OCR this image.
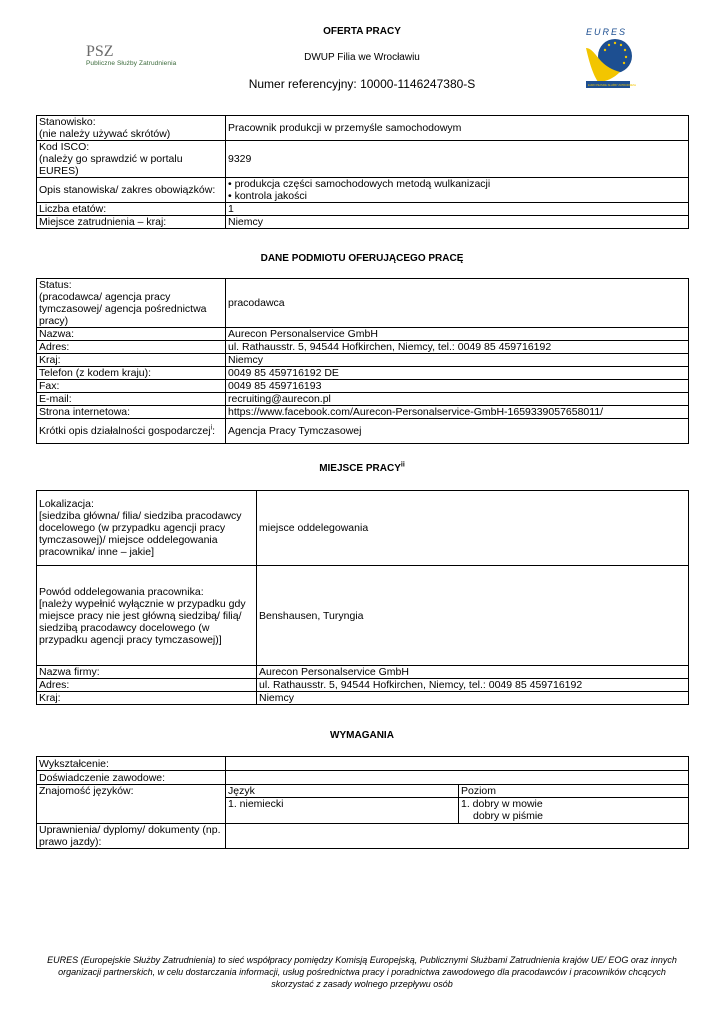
PSZ
Publiczne Służby Zatrudnienia
EURES
EURO PEJSKIE SŁUŻBY ZATRUDNIENIA
OFERTA PRACY
DWUP Filia we Wrocławiu
Numer referencyjny: 10000-1146247380-S
Stanowisko:
(nie należy używać skrótów)	Pracownik produkcji w przemyśle samochodowym
Kod ISCO:
(należy go sprawdzić w portalu EURES)	9329
Opis stanowiska/ zakres obowiązków:	• produkcja części samochodowych metodą wulkanizacji
• kontrola jakości

Liczba etatów:	1
Miejsce zatrudnienia – kraj:	Niemcy
DANE PODMIOTU OFERUJĄCEGO PRACĘ
Status:
(pracodawca/ agencja pracy tymczasowej/ agencja pośrednictwa pracy)	pracodawca
Nazwa:	Aurecon Personalservice GmbH
Adres:	ul. Rathausstr. 5, 94544 Hofkirchen, Niemcy, tel.: 0049 85 459716192
Kraj:	Niemcy
Telefon (z kodem kraju):	0049 85 459716192 DE
Fax:	0049 85 459716193
E-mail:	recruiting@aurecon.pl
Strona internetowa:	https://www.facebook.com/Aurecon-Personalservice-GmbH-1659339057658011/
Krótki opis działalności gospodarczej$^i$:	Agencja Pracy Tymczasowej
MIEJSCE PRACY$^{ii}$
Lokalizacja:
[siedziba główna/ filia/ siedziba pracodawcy docelowego (w przypadku agencji pracy tymczasowej)/ miejsce oddelegowania pracownika/ inne – jakie]	miejsce oddelegowania
Powód oddelegowania pracownika:
[należy wypełnić wyłącznie w przypadku gdy miejsce pracy nie jest główną siedzibą/ filią/ siedzibą pracodawcy docelowego (w przypadku agencji pracy tymczasowej)]	Benshausen, Turyngia
Nazwa firmy:	Aurecon Personalservice GmbH
Adres:	ul. Rathausstr. 5, 94544 Hofkirchen, Niemcy, tel.: 0049 85 459716192
Kraj:	Niemcy
WYMAGANIA
Wykształcenie:		
Doświadczenie zawodowe:		
Znajomość języków:	Język	Poziom
	1. niemiecki	1. dobry w mowie
dobry w piśmie

Uprawnienia/ dyplomy/ dokumenty (np. prawo jazdy):		
EURES (Europejskie Służby Zatrudnienia) to sieć współpracy pomiędzy Komisją Europejską, Publicznymi Służbami Zatrudnienia krajów UE/ EOG oraz innych organizacji partnerskich, w celu dostarczania informacji, usług pośrednictwa pracy i poradnictwa zawodowego dla pracodawców i pracowników chcących skorzystać z zasady wolnego przepływu osób
